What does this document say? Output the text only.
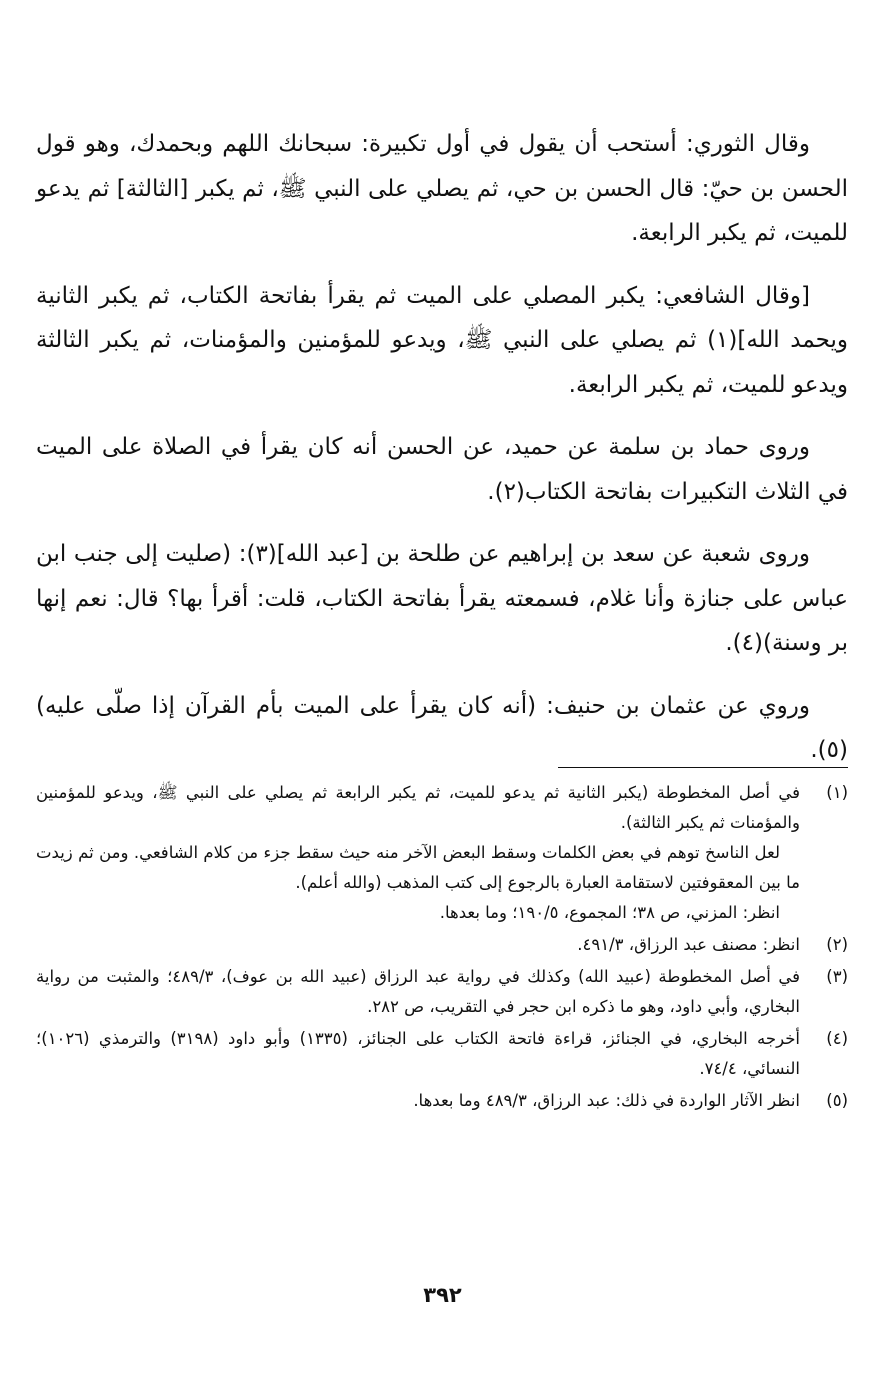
وقال الثوري: أستحب أن يقول في أول تكبيرة: سبحانك اللهم وبحمدك، وهو قول الحسن بن حيّ: قال الحسن بن حي، ثم يصلي على النبي ﷺ، ثم يكبر [الثالثة] ثم يدعو للميت، ثم يكبر الرابعة.

[وقال الشافعي: يكبر المصلي على الميت ثم يقرأ بفاتحة الكتاب، ثم يكبر الثانية ويحمد الله](١) ثم يصلي على النبي ﷺ، ويدعو للمؤمنين والمؤمنات، ثم يكبر الثالثة ويدعو للميت، ثم يكبر الرابعة.

وروى حماد بن سلمة عن حميد، عن الحسن أنه كان يقرأ في الصلاة على الميت في الثلاث التكبيرات بفاتحة الكتاب(٢).

وروى شعبة عن سعد بن إبراهيم عن طلحة بن [عبد الله](٣): (صليت إلى جنب ابن عباس على جنازة وأنا غلام، فسمعته يقرأ بفاتحة الكتاب، قلت: أقرأ بها؟ قال: نعم إنها بر وسنة)(٤).

وروي عن عثمان بن حنيف: (أنه كان يقرأ على الميت بأم القرآن إذا صلّى عليه)(٥).

(١)

في أصل المخطوطة (يكبر الثانية ثم يدعو للميت، ثم يكبر الرابعة ثم يصلي على النبي ﷺ، ويدعو للمؤمنين والمؤمنات ثم يكبر الثالثة).

لعل الناسخ توهم في بعض الكلمات وسقط البعض الآخر منه حيث سقط جزء من كلام الشافعي. ومن ثم زيدت ما بين المعقوفتين لاستقامة العبارة بالرجوع إلى كتب المذهب (والله أعلم).

انظر: المزني، ص ٣٨؛ المجموع، ١٩٠/٥؛ وما بعدها.

(٢)

انظر: مصنف عبد الرزاق، ٤٩١/٣.

(٣)

في أصل المخطوطة (عبيد الله) وكذلك في رواية عبد الرزاق (عبيد الله بن عوف)، ٤٨٩/٣؛ والمثبت من رواية البخاري، وأبي داود، وهو ما ذكره ابن حجر في التقريب، ص ٢٨٢.

(٤)

أخرجه البخاري، في الجنائز، قراءة فاتحة الكتاب على الجنائز، (١٣٣٥) وأبو داود (٣١٩٨) والترمذي (١٠٢٦)؛ النسائي، ٧٤/٤.

(٥)

انظر الآثار الواردة في ذلك: عبد الرزاق، ٤٨٩/٣ وما بعدها.

٣٩٢
